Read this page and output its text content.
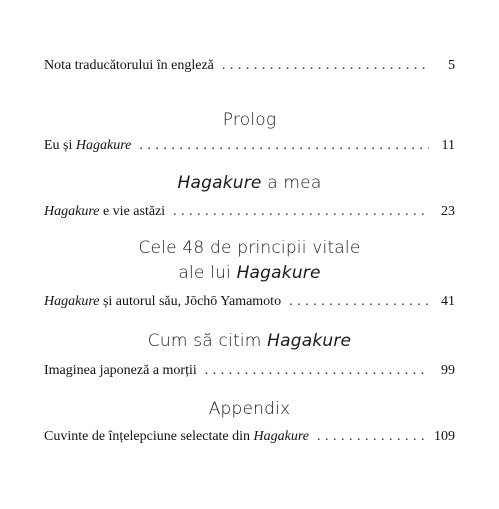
Nota traducătorului în engleză . . .	5
Prolog
Eu și Hagakure . . .	11
Hagakure a mea
Hagakure e vie astăzi . . .	23
Cele 48 de principii vitale
ale lui Hagakure
Hagakure și autorul său, Jōchō Yamamoto . . .	41
Cum să citim Hagakure
Imaginea japoneză a morții . . .	99
Appendix
Cuvinte de înțelepciune selectate din Hagakure . . .	109
